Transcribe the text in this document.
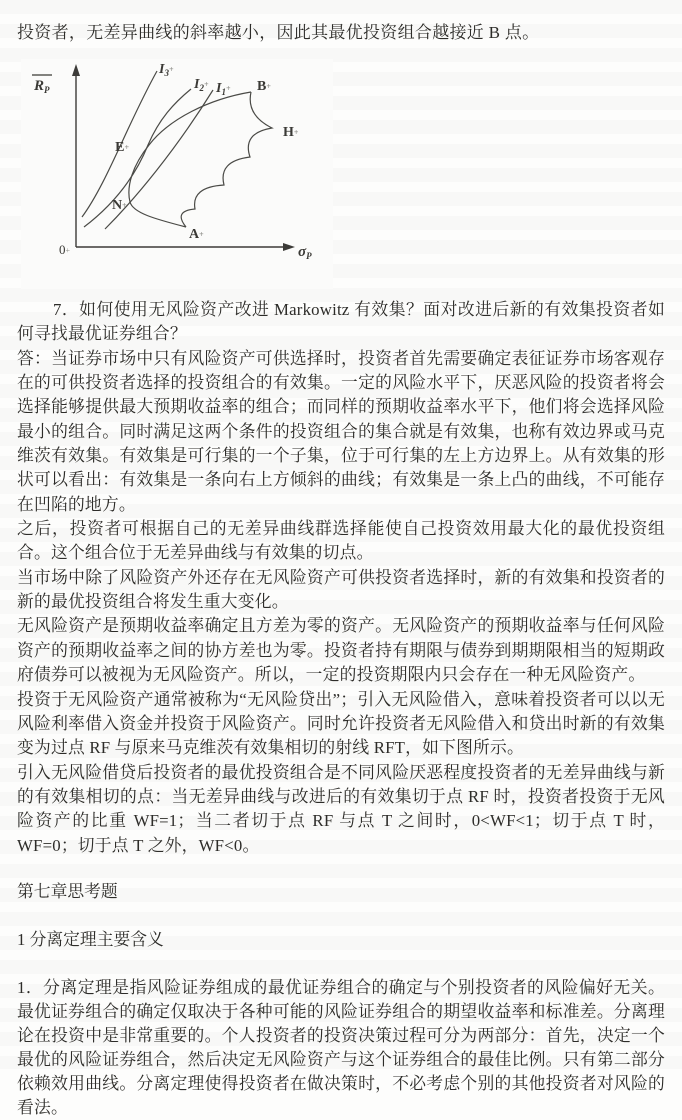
投资者，无差异曲线的斜率越小，因此其最优投资组合越接近 B 点。

$R_P$
$\sigma_P$
0+
$I_3^+$
$I_2^+$ $I_1^+$ B+
H+
E+
N+
A+

7．如何使用无风险资产改进 Markowitz 有效集？面对改进后新的有效集投资者如何寻找最优证券组合？

答：当证券市场中只有风险资产可供选择时，投资者首先需要确定表征证券市场客观存在的可供投资者选择的投资组合的有效集。一定的风险水平下，厌恶风险的投资者将会选择能够提供最大预期收益率的组合；而同样的预期收益率水平下，他们将会选择风险最小的组合。同时满足这两个条件的投资组合的集合就是有效集，也称有效边界或马克维茨有效集。有效集是可行集的一个子集，位于可行集的左上方边界上。从有效集的形状可以看出：有效集是一条向右上方倾斜的曲线；有效集是一条上凸的曲线，不可能存在凹陷的地方。

之后，投资者可根据自己的无差异曲线群选择能使自己投资效用最大化的最优投资组合。这个组合位于无差异曲线与有效集的切点。

当市场中除了风险资产外还存在无风险资产可供投资者选择时，新的有效集和投资者的新的最优投资组合将发生重大变化。

无风险资产是预期收益率确定且方差为零的资产。无风险资产的预期收益率与任何风险资产的预期收益率之间的协方差也为零。投资者持有期限与债券到期期限相当的短期政府债券可以被视为无风险资产。所以，一定的投资期限内只会存在一种无风险资产。

投资于无风险资产通常被称为“无风险贷出”；引入无风险借入，意味着投资者可以以无风险利率借入资金并投资于风险资产。同时允许投资者无风险借入和贷出时新的有效集变为过点 RF 与原来马克维茨有效集相切的射线 RFT，如下图所示。

引入无风险借贷后投资者的最优投资组合是不同风险厌恶程度投资者的无差异曲线与新的有效集相切的点：当无差异曲线与改进后的有效集切于点 RF 时，投资者投资于无风险资产的比重 WF=1；当二者切于点 RF 与点 T 之间时，0<WF<1；切于点 T 时，WF=0；切于点 T 之外，WF<0。

第七章思考题

1 分离定理主要含义

1．分离定理是指风险证券组成的最优证券组合的确定与个别投资者的风险偏好无关。最优证券组合的确定仅取决于各种可能的风险证券组合的期望收益率和标准差。分离理论在投资中是非常重要的。个人投资者的投资决策过程可分为两部分：首先，决定一个最优的风险证券组合，然后决定无风险资产与这个证券组合的最佳比例。只有第二部分依赖效用曲线。分离定理使得投资者在做决策时，不必考虑个别的其他投资者对风险的看法。
